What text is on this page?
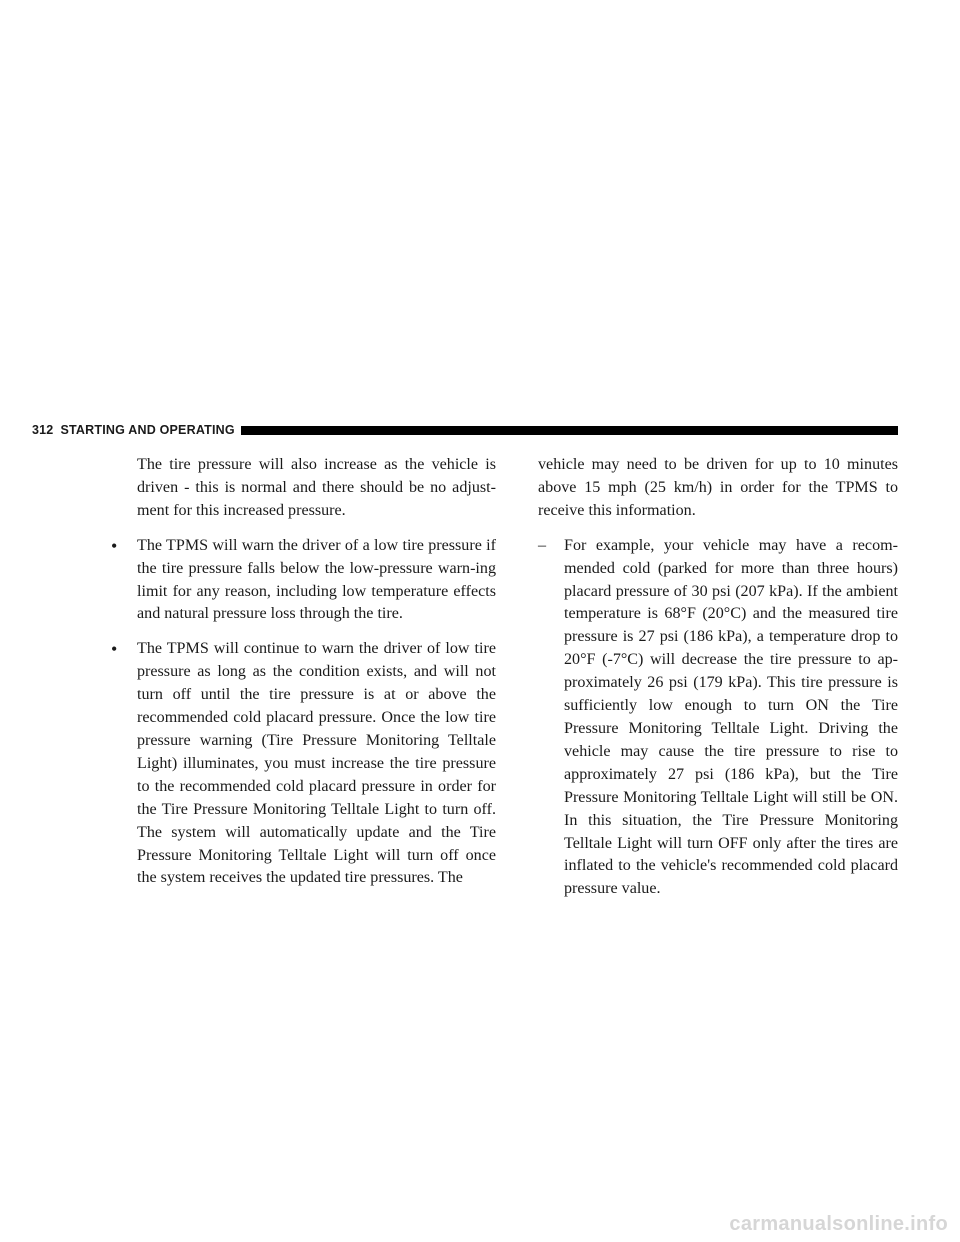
312 STARTING AND OPERATING

The tire pressure will also increase as the vehicle is driven - this is normal and there should be no adjust-ment for this increased pressure.

• The TPMS will warn the driver of a low tire pressure if the tire pressure falls below the low-pressure warn-ing limit for any reason, including low temperature effects and natural pressure loss through the tire.

• The TPMS will continue to warn the driver of low tire pressure as long as the condition exists, and will not turn off until the tire pressure is at or above the recommended cold placard pressure. Once the low tire pressure warning (Tire Pressure Monitoring Telltale Light) illuminates, you must increase the tire pressure to the recommended cold placard pressure in order for the Tire Pressure Monitoring Telltale Light to turn off. The system will automatically update and the Tire Pressure Monitoring Telltale Light will turn off once the system receives the updated tire pressures. The

vehicle may need to be driven for up to 10 minutes above 15 mph (25 km/h) in order for the TPMS to receive this information.

– For example, your vehicle may have a recom-mended cold (parked for more than three hours) placard pressure of 30 psi (207 kPa). If the ambient temperature is 68°F (20°C) and the measured tire pressure is 27 psi (186 kPa), a temperature drop to 20°F (-7°C) will decrease the tire pressure to ap-proximately 26 psi (179 kPa). This tire pressure is sufficiently low enough to turn ON the Tire Pressure Monitoring Telltale Light. Driving the vehicle may cause the tire pressure to rise to approximately 27 psi (186 kPa), but the Tire Pressure Monitoring Telltale Light will still be ON. In this situation, the Tire Pressure Monitoring Telltale Light will turn OFF only after the tires are inflated to the vehicle's recommended cold placard pressure value.

carmanualsonline.info
